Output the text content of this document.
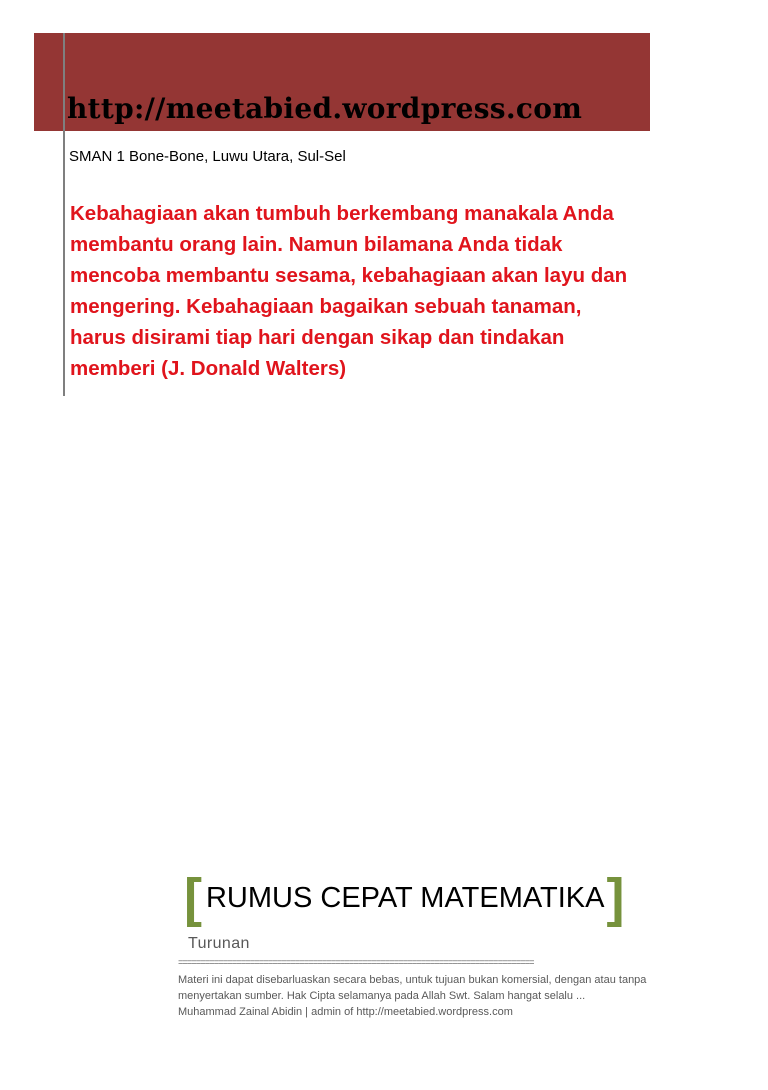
http://meetabied.wordpress.com

SMAN 1 Bone-Bone, Luwu Utara, Sul-Sel

Kebahagiaan akan tumbuh berkembang manakala Anda membantu orang lain. Namun bilamana Anda tidak mencoba membantu sesama, kebahagiaan akan layu dan mengering. Kebahagiaan bagaikan sebuah tanaman, harus disirami tiap hari dengan sikap dan tindakan memberi (J. Donald Walters)

[ RUMUS CEPAT MATEMATIKA ]

Turunan

===============================================================================

Materi ini dapat disebarluaskan secara bebas, untuk tujuan bukan komersial, dengan atau tanpa
menyertakan sumber. Hak Cipta selamanya pada Allah Swt. Salam hangat selalu ...
Muhammad Zainal Abidin | admin of http://meetabied.wordpress.com
